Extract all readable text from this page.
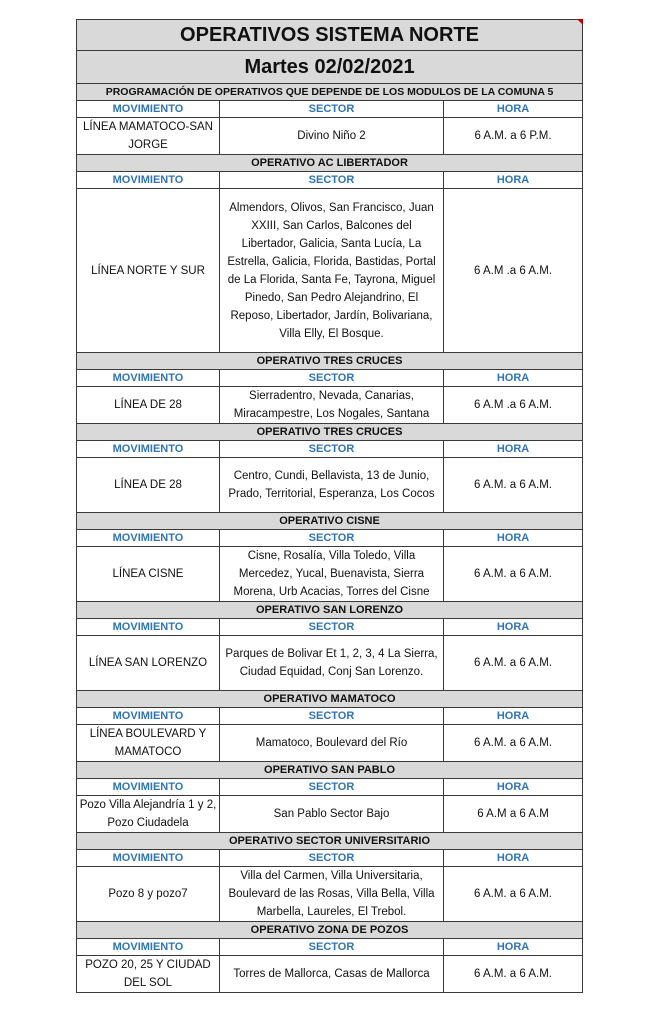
OPERATIVOS SISTEMA NORTE		
Martes 02/02/2021		
PROGRAMACIÓN DE OPERATIVOS QUE DEPENDE DE LOS MODULOS DE LA COMUNA 5		
MOVIMIENTO	SECTOR	HORA
LÍNEA MAMATOCO-SAN JORGE	Divino Niño 2	6 A.M. a 6 P.M.
OPERATIVO AC LIBERTADOR		
MOVIMIENTO	SECTOR	HORA
LÍNEA NORTE Y SUR	Almendors, Olivos, San Francisco, Juan XXIII, San Carlos, Balcones del Libertador, Galicia, Santa Lucía, La Estrella, Galicia, Florida, Bastidas, Portal de La Florida, Santa Fe, Tayrona, Miguel Pinedo, San Pedro Alejandrino, El Reposo, Libertador, Jardín, Bolivariana, Villa Elly, El Bosque.	6 A.M .a 6 A.M.
OPERATIVO TRES CRUCES		
MOVIMIENTO	SECTOR	HORA
LÍNEA DE 28	Sierradentro, Nevada, Canarias, Miracampestre, Los Nogales, Santana	6 A.M .a 6 A.M.
OPERATIVO TRES CRUCES		
MOVIMIENTO	SECTOR	HORA
LÍNEA DE 28	Centro, Cundi, Bellavista, 13 de Junio, Prado, Territorial, Esperanza, Los Cocos	6 A.M. a 6 A.M.
OPERATIVO CISNE		
MOVIMIENTO	SECTOR	HORA
LÍNEA CISNE	Cisne, Rosalía, Villa Toledo, Villa Mercedez, Yucal, Buenavista, Sierra Morena, Urb Acacias, Torres del Cisne	6 A.M. a 6 A.M.
OPERATIVO SAN LORENZO		
MOVIMIENTO	SECTOR	HORA
LÍNEA SAN LORENZO	Parques de Bolivar Et 1, 2, 3, 4 La Sierra, Ciudad Equidad, Conj San Lorenzo.	6 A.M. a 6 A.M.
OPERATIVO MAMATOCO		
MOVIMIENTO	SECTOR	HORA
LÍNEA BOULEVARD Y MAMATOCO	Mamatoco, Boulevard del Río	6 A.M. a 6 A.M.
OPERATIVO SAN PABLO		
MOVIMIENTO	SECTOR	HORA
Pozo Villa Alejandría 1 y 2, Pozo Ciudadela	San Pablo Sector Bajo	6 A.M a 6 A.M
OPERATIVO SECTOR UNIVERSITARIO		
MOVIMIENTO	SECTOR	HORA
Pozo 8 y pozo7	Villa del Carmen, Villa Universitaria, Boulevard de las Rosas, Villa Bella, Villa Marbella, Laureles, El Trebol.	6 A.M. a 6 A.M.
OPERATIVO ZONA DE POZOS		
MOVIMIENTO	SECTOR	HORA
POZO 20, 25 Y CIUDAD DEL SOL	Torres de Mallorca, Casas de Mallorca	6 A.M. a 6 A.M.
